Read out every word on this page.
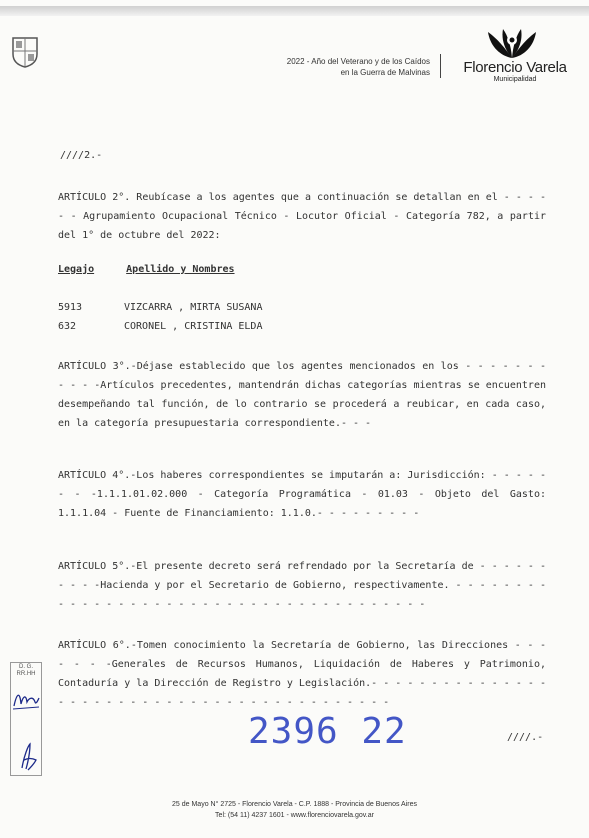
2022 - Año del Veterano y de los Caídos
en la Guerra de Malvinas	Florencio Varela
Municipalidad
////2.-
ARTÍCULO 2°. Reubícase a los agentes que a continuación se detallan en el - - - - - - Agrupamiento Ocupacional Técnico - Locutor Oficial - Categoría 782, a partir del 1° de octubre del 2022:
Legajo	Apellido y Nombres
5913	VIZCARRA , MIRTA SUSANA
632	CORONEL , CRISTINA ELDA
ARTÍCULO 3°.-Déjase establecido que los agentes mencionados en los - - - - - - - - - - -Artículos precedentes, mantendrán dichas categorías mientras se encuentren desempeñando tal función, de lo contrario se procederá a reubicar, en cada caso, en la categoría presupuestaria correspondiente.- - -
ARTÍCULO 4°.-Los haberes correspondientes se imputarán a: Jurisdicción: - - - - - - - -1.1.1.01.02.000 - Categoría Programática - 01.03 - Objeto del Gasto: 1.1.1.04 - Fuente de Financiamiento: 1.1.0.- - - - - - - - -
ARTÍCULO 5°.-El presente decreto será refrendado por la Secretaría de - - - - - - - - - -Hacienda y por el Secretario de Gobierno, respectivamente. - - - - - - - - - - - - - - - - - - - - - - - - - - - - - - - - - - - - - - -
ARTÍCULO 6°.-Tomen conocimiento la Secretaría de Gobierno, las Direcciones - - - - - - -Generales de Recursos Humanos, Liquidación de Haberes y Patrimonio, Contaduría y la Dirección de Registro y Legislación.- - - - - - - - - - - - - - - - - - - - - - - - - - - - - - - - - - - - - - - - - - -
D. G.
RR.HH
2396 22	////.-
25 de Mayo N° 2725 - Florencio Varela - C.P. 1888 - Provincia de Buenos Aires
Tel: (54 11) 4237 1601 - www.florenciovarela.gov.ar
